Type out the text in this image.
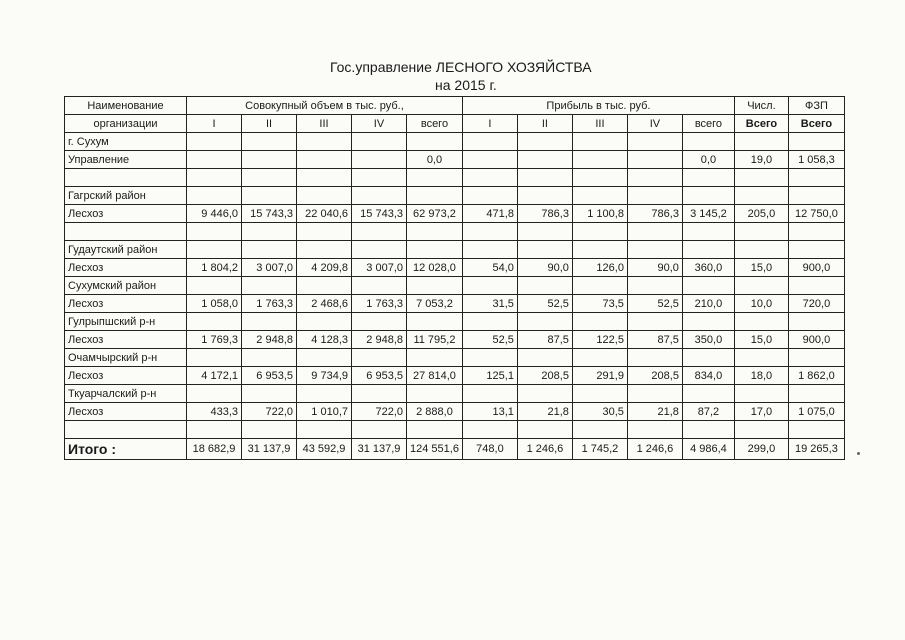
Гос.управление ЛЕСНОГО ХОЗЯЙСТВА
на 2015 г.
Наименование	Совокупный объем в тыс. руб.,					Прибыль в тыс. руб.					Числ.	ФЗП
организации	I	II	III	IV	всего	I	II	III	IV	всего	Всего	Всего
г. Сухум												
Управление					0,0					0,0	19,0	1 058,3

Гагрский район												
Лесхоз	9 446,0	15 743,3	22 040,6	15 743,3	62 973,2	471,8	786,3	1 100,8	786,3	3 145,2	205,0	12 750,0

Гудаутский район												
Лесхоз	1 804,2	3 007,0	4 209,8	3 007,0	12 028,0	54,0	90,0	126,0	90,0	360,0	15,0	900,0
Сухумский район												
Лесхоз	1 058,0	1 763,3	2 468,6	1 763,3	7 053,2	31,5	52,5	73,5	52,5	210,0	10,0	720,0
Гулрыпшский р-н												
Лесхоз	1 769,3	2 948,8	4 128,3	2 948,8	11 795,2	52,5	87,5	122,5	87,5	350,0	15,0	900,0
Очамчырский р-н												
Лесхоз	4 172,1	6 953,5	9 734,9	6 953,5	27 814,0	125,1	208,5	291,9	208,5	834,0	18,0	1 862,0
Ткуарчалский р-н												
Лесхоз	433,3	722,0	1 010,7	722,0	2 888,0	13,1	21,8	30,5	21,8	87,2	17,0	1 075,0

Итого :	18 682,9	31 137,9	43 592,9	31 137,9	124 551,6	748,0	1 246,6	1 745,2	1 246,6	4 986,4	299,0	19 265,3
